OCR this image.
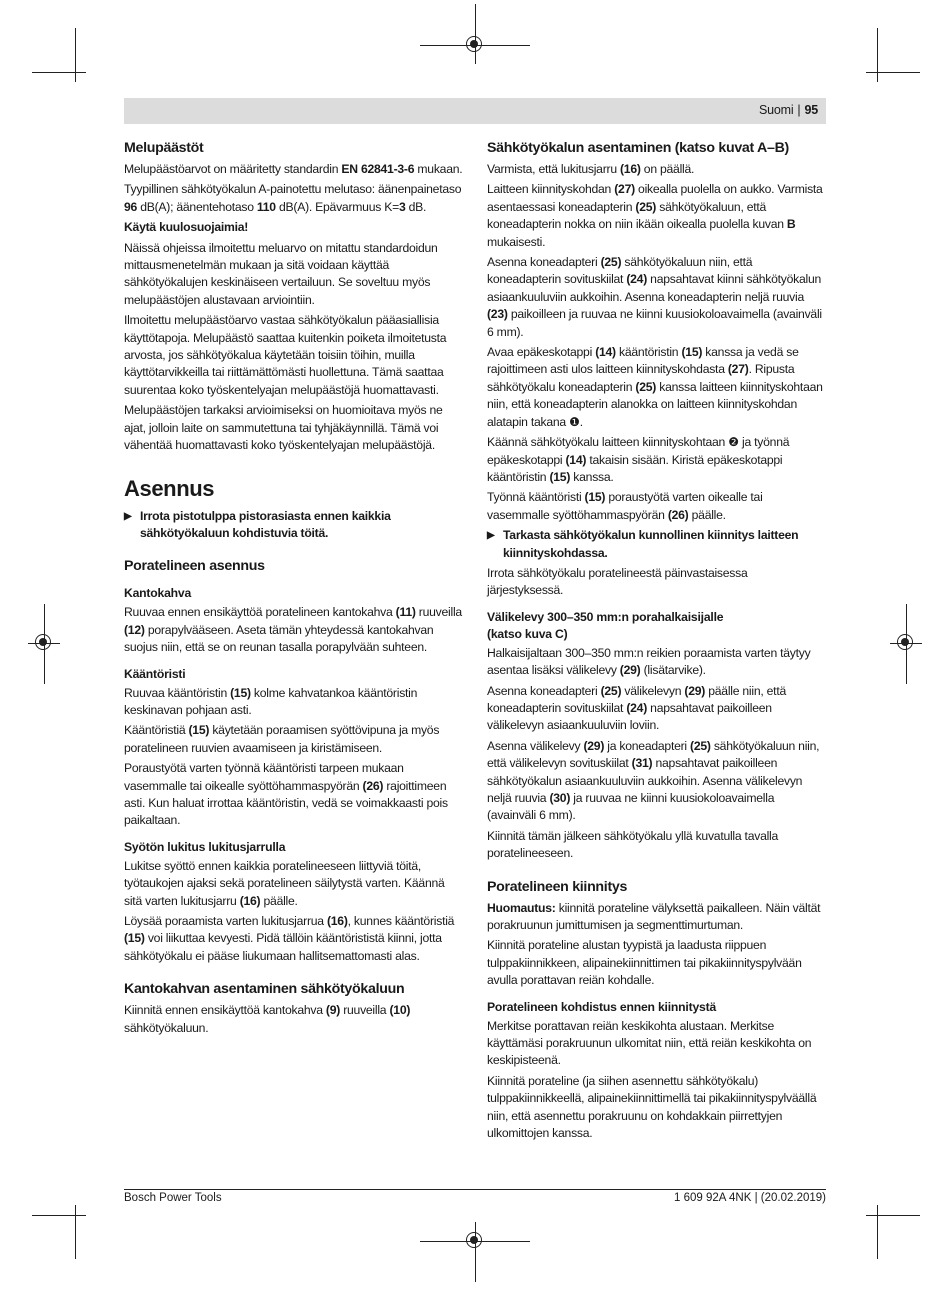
Suomi | 95
Melupäästöt

Melupäästöarvot on määritetty standardin EN 62841-3-6 mukaan.

Tyypillinen sähkötyökalun A-painotettu melutaso: äänenpainetaso 96 dB(A); äänentehotaso 110 dB(A). Epävarmuus K=3 dB.

Käytä kuulosuojaimia!

Näissä ohjeissa ilmoitettu meluarvo on mitattu standardoidun mittausmenetelmän mukaan ja sitä voidaan käyttää sähkötyökalujen keskinäiseen vertailuun. Se soveltuu myös melupäästöjen alustavaan arviointiin.

Ilmoitettu melupäästöarvo vastaa sähkötyökalun pääasiallisia käyttötapoja. Melupäästö saattaa kuitenkin poiketa ilmoitetusta arvosta, jos sähkötyökalua käytetään toisiin töihin, muilla käyttötarvikkeilla tai riittämättömästi huollettuna. Tämä saattaa suurentaa koko työskentelyajan melupäästöjä huomattavasti.

Melupäästöjen tarkaksi arvioimiseksi on huomioitava myös ne ajat, jolloin laite on sammutettuna tai tyhjäkäynnillä. Tämä voi vähentää huomattavasti koko työskentelyajan melupäästöjä.

Asennus

▶ Irrota pistotulppa pistorasiasta ennen kaikkia sähkötyökaluun kohdistuvia töitä.

Poratelineen asennus
Kantokahva

Ruuvaa ennen ensikäyttöä poratelineen kantokahva (11) ruuveilla (12) porapylvääseen. Aseta tämän yhteydessä kantokahvan suojus niin, että se on reunan tasalla porapylvään suhteen.

Kääntöristi

Ruuvaa kääntöristin (15) kolme kahvatankoa kääntöristin keskinavan pohjaan asti.

Kääntöristiä (15) käytetään poraamisen syöttövipuna ja myös poratelineen ruuvien avaamiseen ja kiristämiseen.

Poraustyötä varten työnnä kääntöristi tarpeen mukaan vasemmalle tai oikealle syöttöhammaspyörän (26) rajoittimeen asti. Kun haluat irrottaa kääntöristin, vedä se voimakkaasti pois paikaltaan.

Syötön lukitus lukitusjarrulla

Lukitse syöttö ennen kaikkia poratelineeseen liittyviä töitä, työtaukojen ajaksi sekä poratelineen säilytystä varten. Käännä sitä varten lukitusjarru (16) päälle.

Löysää poraamista varten lukitusjarrua (16), kunnes kääntöristiä (15) voi liikuttaa kevyesti. Pidä tällöin kääntörististä kiinni, jotta sähkötyökalu ei pääse liukumaan hallitsemattomasti alas.

Kantokahvan asentaminen sähkötyökaluun

Kiinnitä ennen ensikäyttöä kantokahva (9) ruuveilla (10) sähkötyökaluun.

Sähkötyökalun asentaminen (katso kuvat A–B)

Varmista, että lukitusjarru (16) on päällä.

Laitteen kiinnityskohdan (27) oikealla puolella on aukko. Varmista asentaessasi koneadapterin (25) sähkötyökaluun, että koneadapterin nokka on niin ikään oikealla puolella kuvan B mukaisesti.

Asenna koneadapteri (25) sähkötyökaluun niin, että koneadapterin sovituskiilat (24) napsahtavat kiinni sähkötyökalun asiaankuuluviin aukkoihin. Asenna koneadapterin neljä ruuvia (23) paikoilleen ja ruuvaa ne kiinni kuusiokoloavaimella (avainväli 6 mm).

Avaa epäkeskotappi (14) kääntöristin (15) kanssa ja vedä se rajoittimeen asti ulos laitteen kiinnityskohdasta (27). Ripusta sähkötyökalu koneadapterin (25) kanssa laitteen kiinnityskohtaan niin, että koneadapterin alanokka on laitteen kiinnityskohdan alatapin takana ❶.

Käännä sähkötyökalu laitteen kiinnityskohtaan ❷ ja työnnä epäkeskotappi (14) takaisin sisään. Kiristä epäkeskotappi kääntöristin (15) kanssa.

Työnnä kääntöristi (15) poraustyötä varten oikealle tai vasemmalle syöttöhammaspyörän (26) päälle.

▶ Tarkasta sähkötyökalun kunnollinen kiinnitys laitteen kiinnityskohdassa.

Irrota sähkötyökalu poratelineestä päinvastaisessa järjestyksessä.

Välikelevy 300–350 mm:n porahalkaisijalle
(katso kuva C)

Halkaisijaltaan 300–350 mm:n reikien poraamista varten täytyy asentaa lisäksi välikelevy (29) (lisätarvike).

Asenna koneadapteri (25) välikelevyn (29) päälle niin, että koneadapterin sovituskiilat (24) napsahtavat paikoilleen välikelevyn asiaankuuluviin loviin.

Asenna välikelevy (29) ja koneadapteri (25) sähkötyökaluun niin, että välikelevyn sovituskiilat (31) napsahtavat paikoilleen sähkötyökalun asiaankuuluviin aukkoihin. Asenna välikelevyn neljä ruuvia (30) ja ruuvaa ne kiinni kuusiokoloavaimella (avainväli 6 mm).

Kiinnitä tämän jälkeen sähkötyökalu yllä kuvatulla tavalla poratelineeseen.

Poratelineen kiinnitys

Huomautus: kiinnitä porateline välyksettä paikalleen. Näin vältät porakruunun jumittumisen ja segmenttimurtuman.

Kiinnitä porateline alustan tyypistä ja laadusta riippuen tulppakiinnikkeen, alipainekiinnittimen tai pikakiinnityspylvään avulla porattavan reiän kohdalle.

Poratelineen kohdistus ennen kiinnitystä

Merkitse porattavan reiän keskikohta alustaan. Merkitse käyttämäsi porakruunun ulkomitat niin, että reiän keskikohta on keskipisteenä.

Kiinnitä porateline (ja siihen asennettu sähkötyökalu) tulppakiinnikkeellä, alipainekiinnittimellä tai pikakiinnityspylväällä niin, että asennettu porakruunu on kohdakkain piirrettyjen ulkomittojen kanssa.

Bosch Power Tools	1 609 92A 4NK | (20.02.2019)
